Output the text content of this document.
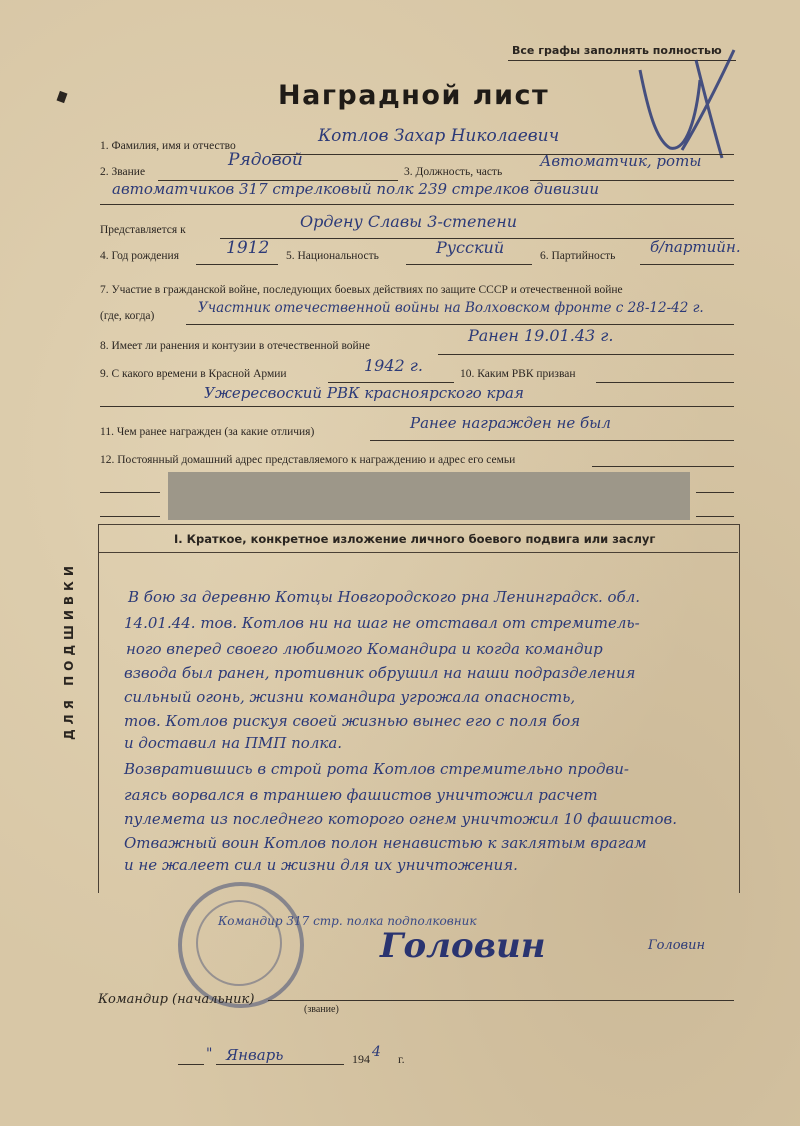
Все графы заполнять полностью
Наградной лист
1. Фамилия, имя и отчество	Котлов Захар Николаевич
2. Звание
Рядовой
3. Должность, часть
Автоматчик, роты
автоматчиков 317 стрелковый полк 239 стрелков дивизии
Представляется к	Ордену Славы 3-степени
4. Год рождения	1912 5. Национальность	Русский	6. Партийность б/партийн.
7. Участие в гражданской войне, последующих боевых действиях по защите СССР и отечественной войне
(где, когда)	Участник отечественной войны на Волховском фронте с 28-12-42 г.
8. Имеет ли ранения и контузии в отечественной войне
Ранен 19.01.43 г.
9. С какого времени в Красной Армии	1942 г.	10. Каким РВК призван
Ужересвоский РВК красноярского края
11. Чем ранее награжден (за какие отличия)	Ранее награжден не был
12. Постоянный домашний адрес представляемого к награждению и адрес его семьи
ДЛЯ ПОДШИВКИ
I. Краткое, конкретное изложение личного боевого подвига или заслуг
В бою за деревню Котцы Новгородского рна Ленинградск. обл.
14.01.44. тов. Котлов ни на шаг не отставал от стремитель-
ного вперед своего любимого Командира и когда командир
взвода был ранен, противник обрушил на наши подразделения
сильный огонь, жизни командира угрожала опасность,
тов. Котлов рискуя своей жизнью вынес его с поля боя
и доставил на ПМП полка.
Возвратившись в строй рота Котлов стремительно продви-
гаясь ворвался в траншею фашистов уничтожил расчет
пулемета из последнего которого огнем уничтожил 10 фашистов.
Отважный воин Котлов полон ненавистью к заклятым врагам
и не жалеет сил и жизни для их уничтожения.
Командир 317 стр. полка подполковник
Головин	Головин
Командир (начальник)
(звание)
" Январь	194 4 г.
